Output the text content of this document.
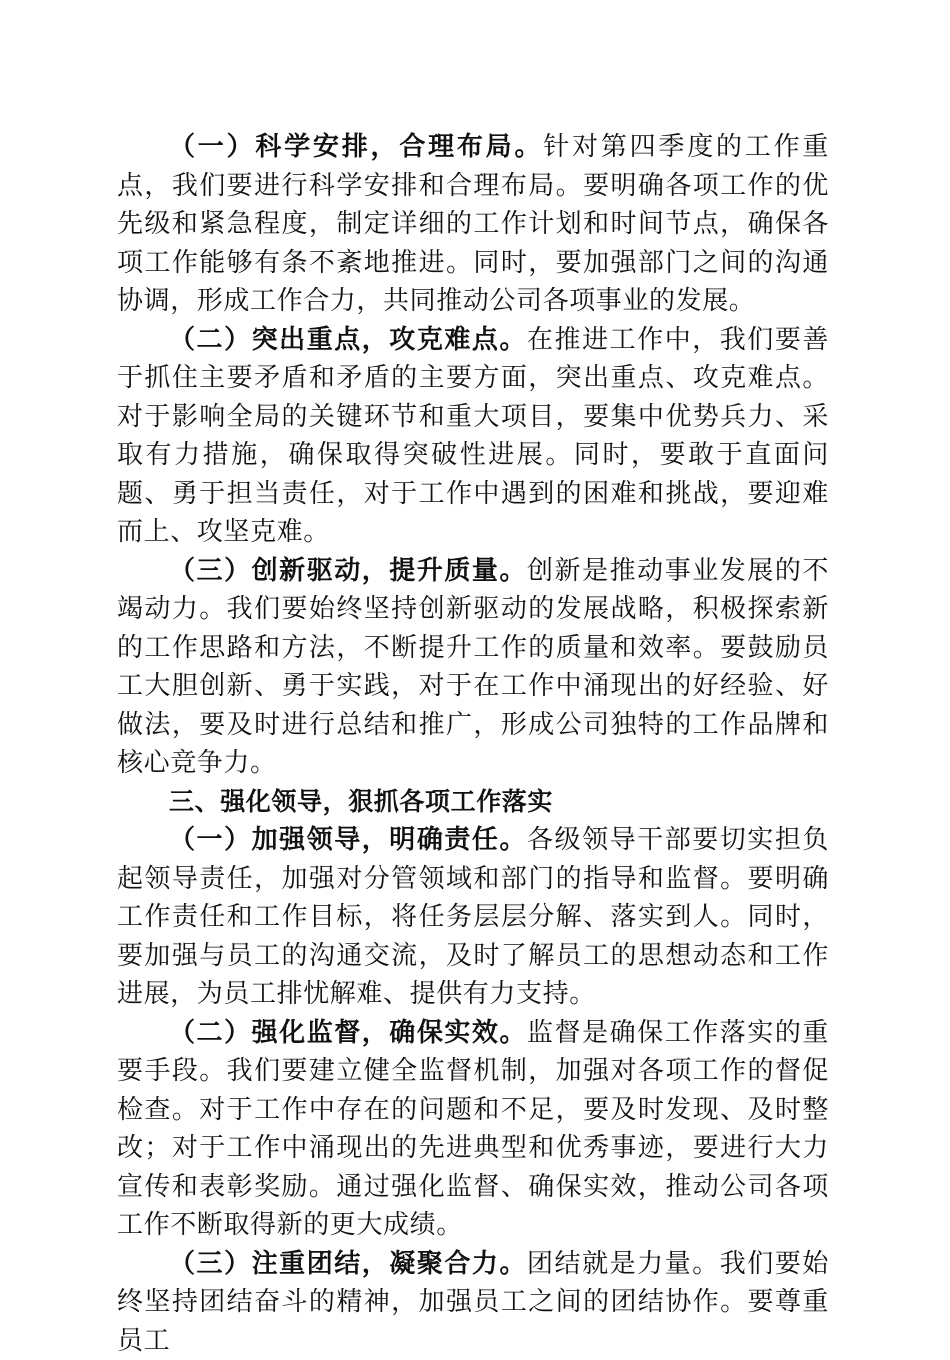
（一）科学安排，合理布局。针对第四季度的工作重点，我们要进行科学安排和合理布局。要明确各项工作的优先级和紧急程度，制定详细的工作计划和时间节点，确保各项工作能够有条不紊地推进。同时，要加强部门之间的沟通协调，形成工作合力，共同推动公司各项事业的发展。

（二）突出重点，攻克难点。在推进工作中，我们要善于抓住主要矛盾和矛盾的主要方面，突出重点、攻克难点。对于影响全局的关键环节和重大项目，要集中优势兵力、采取有力措施，确保取得突破性进展。同时，要敢于直面问题、勇于担当责任，对于工作中遇到的困难和挑战，要迎难而上、攻坚克难。

（三）创新驱动，提升质量。创新是推动事业发展的不竭动力。我们要始终坚持创新驱动的发展战略，积极探索新的工作思路和方法，不断提升工作的质量和效率。要鼓励员工大胆创新、勇于实践，对于在工作中涌现出的好经验、好做法，要及时进行总结和推广，形成公司独特的工作品牌和核心竞争力。

三、强化领导，狠抓各项工作落实

（一）加强领导，明确责任。各级领导干部要切实担负起领导责任，加强对分管领域和部门的指导和监督。要明确工作责任和工作目标，将任务层层分解、落实到人。同时，要加强与员工的沟通交流，及时了解员工的思想动态和工作进展，为员工排忧解难、提供有力支持。

（二）强化监督，确保实效。监督是确保工作落实的重要手段。我们要建立健全监督机制，加强对各项工作的督促检查。对于工作中存在的问题和不足，要及时发现、及时整改；对于工作中涌现出的先进典型和优秀事迹，要进行大力宣传和表彰奖励。通过强化监督、确保实效，推动公司各项工作不断取得新的更大成绩。

（三）注重团结，凝聚合力。团结就是力量。我们要始终坚持团结奋斗的精神，加强员工之间的团结协作。要尊重员工
